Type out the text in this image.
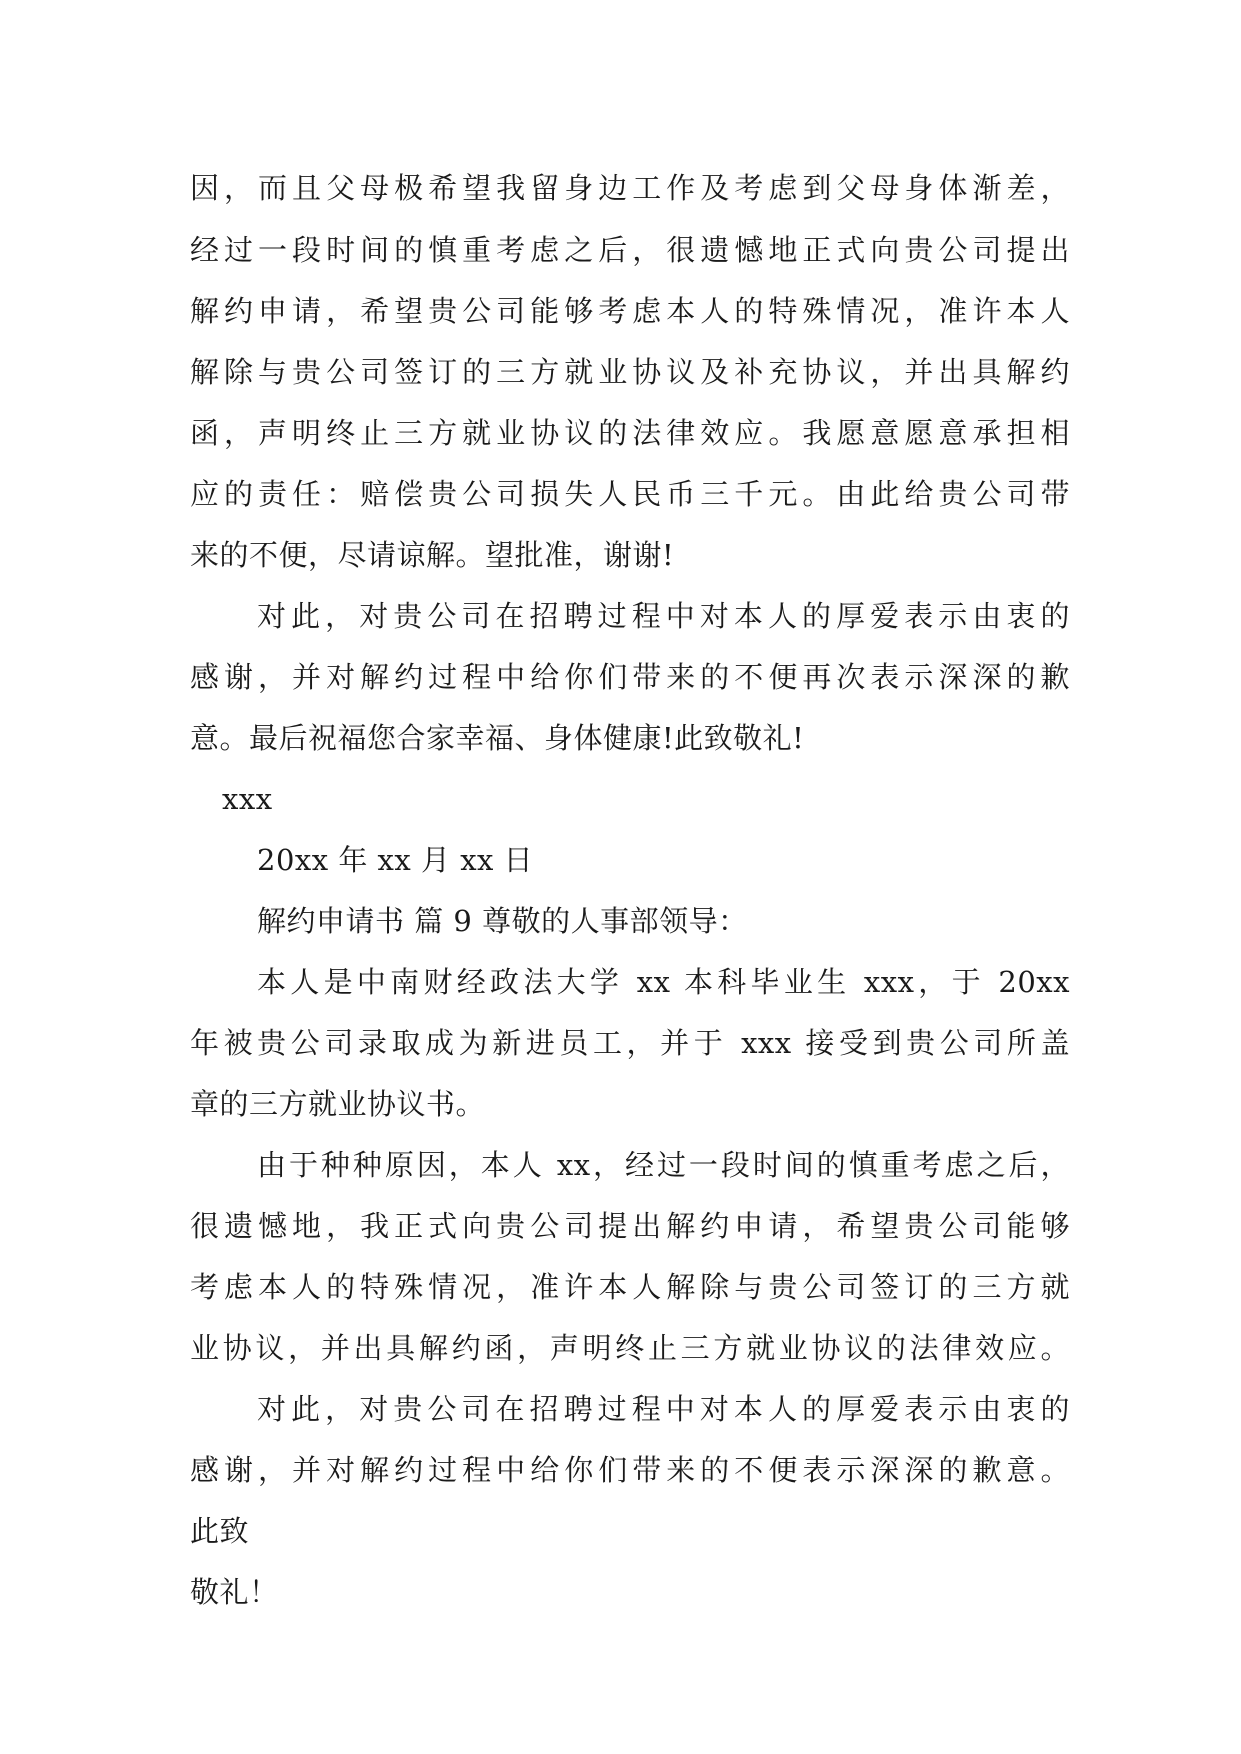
因，而且父母极希望我留身边工作及考虑到父母身体渐差，
经过一段时间的慎重考虑之后，很遗憾地正式向贵公司提出
解约申请，希望贵公司能够考虑本人的特殊情况，准许本人
解除与贵公司签订的三方就业协议及补充协议，并出具解约
函，声明终止三方就业协议的法律效应。我愿意愿意承担相
应的责任：赔偿贵公司损失人民币三千元。由此给贵公司带
来的不便，尽请谅解。望批准，谢谢!
对此，对贵公司在招聘过程中对本人的厚爱表示由衷的
感谢，并对解约过程中给你们带来的不便再次表示深深的歉
意。最后祝福您合家幸福、身体健康!此致敬礼!
xxx
20xx 年 xx 月 xx 日
解约申请书 篇 9 尊敬的人事部领导：
本人是中南财经政法大学 xx 本科毕业生 xxx，于 20xx
年被贵公司录取成为新进员工，并于 xxx 接受到贵公司所盖
章的三方就业协议书。
由于种种原因，本人 xx，经过一段时间的慎重考虑之后，
很遗憾地，我正式向贵公司提出解约申请，希望贵公司能够
考虑本人的特殊情况，准许本人解除与贵公司签订的三方就
业协议，并出具解约函，声明终止三方就业协议的法律效应。
对此，对贵公司在招聘过程中对本人的厚爱表示由衷的
感谢，并对解约过程中给你们带来的不便表示深深的歉意。
此致
敬礼！
